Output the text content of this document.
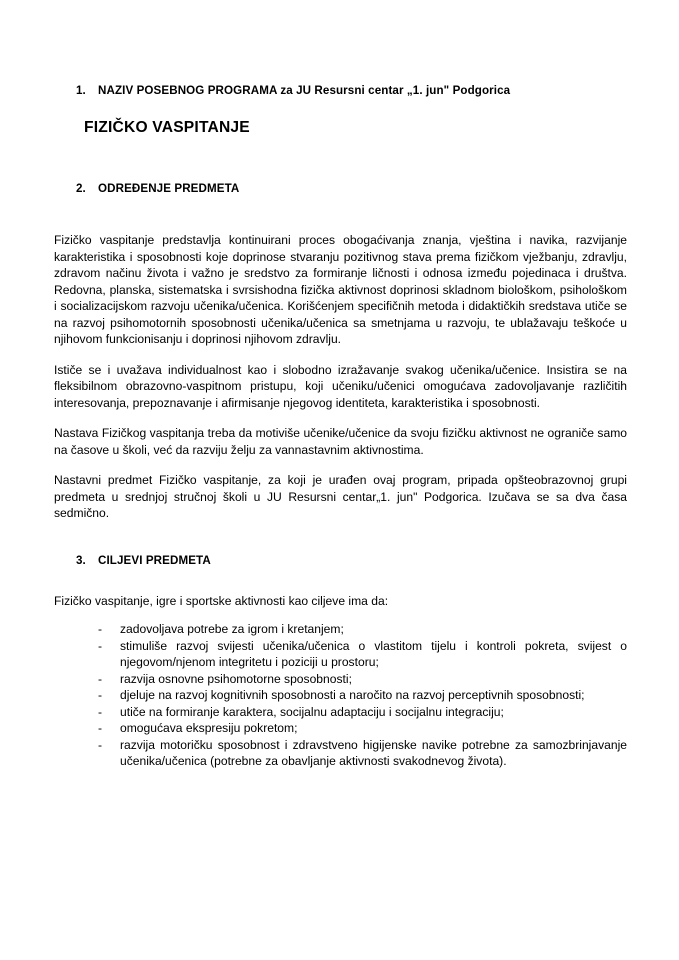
1.	NAZIV POSEBNOG PROGRAMA za JU Resursni centar „1. jun" Podgorica
FIZIČKO VASPITANJE
2.	ODREĐENJE PREDMETA

Fizičko vaspitanje predstavlja kontinuirani proces obogaćivanja znanja, vještina i navika, razvijanje karakteristika i sposobnosti koje doprinose stvaranju pozitivnog stava prema fizičkom vježbanju, zdravlju, zdravom načinu života i važno je sredstvo za formiranje ličnosti i odnosa između pojedinaca i društva. Redovna, planska, sistematska i svrsishodna fizička aktivnost doprinosi skladnom biološkom, psihološkom i socializacijskom razvoju učenika/učenica. Korišćenjem specifičnih metoda i didaktičkih sredstava utiče se na razvoj psihomotornih sposobnosti učenika/učenica sa smetnjama u razvoju, te ublažavaju teškoće u njihovom funkcionisanju i doprinosi njihovom zdravlju.

Ističe se i uvažava individualnost kao i slobodno izražavanje svakog učenika/učenice. Insistira se na fleksibilnom obrazovno-vaspitnom pristupu, koji učeniku/učenici omogućava zadovoljavanje različitih interesovanja, prepoznavanje i afirmisanje njegovog identiteta, karakteristika i sposobnosti.

Nastava Fizičkog vaspitanja treba da motiviše učenike/učenice da svoju fizičku aktivnost ne ograniče samo na časove u školi, već da razviju želju za vannastavnim aktivnostima.

Nastavni predmet Fizičko vaspitanje, za koji je urađen ovaj program, pripada opšteobrazovnoj grupi predmeta u srednjoj stručnoj školi u JU Resursni centar„1. jun" Podgorica. Izučava se sa dva časa sedmično.

3.	CILJEVI PREDMETA

Fizičko vaspitanje, igre i sportske aktivnosti kao ciljeve ima da:

-	zadovoljava potrebe za igrom i kretanjem;
-	stimuliše razvoj svijesti učenika/učenica o vlastitom tijelu i kontroli pokreta, svijest o njegovom/njenom integritetu i poziciji u prostoru;
-	razvija osnovne psihomotorne sposobnosti;
-	djeluje na razvoj kognitivnih sposobnosti a naročito na razvoj perceptivnih sposobnosti;
-	utiče na formiranje karaktera, socijalnu adaptaciju i socijalnu integraciju;
-	omogućava ekspresiju pokretom;
-	razvija motoričku sposobnost i zdravstveno higijenske navike potrebne za samozbrinjavanje učenika/učenica (potrebne za obavljanje aktivnosti svakodnevog života).
